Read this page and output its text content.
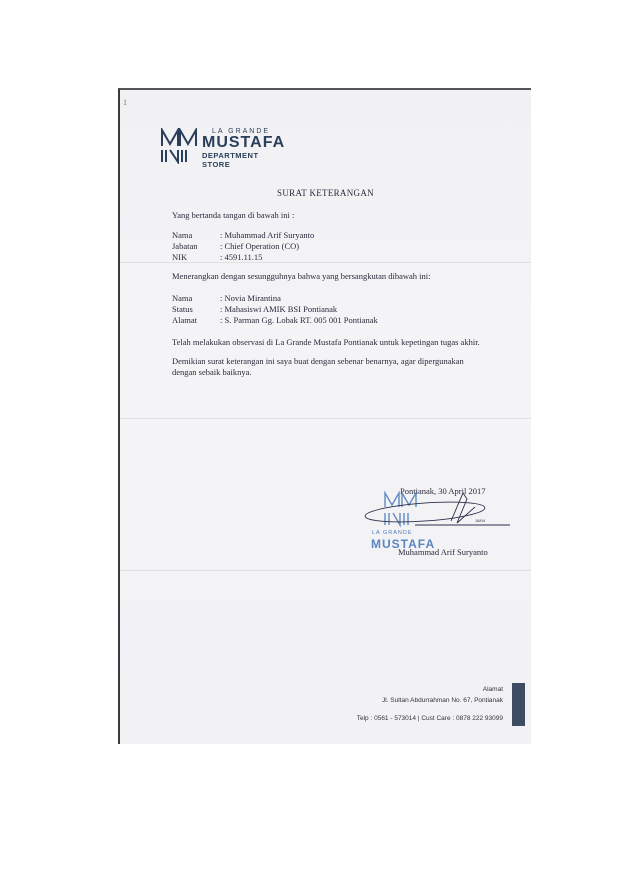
1
LA GRANDE
MUSTAFA
DEPARTMENT STORE
SURAT KETERANGAN
Yang bertanda tangan di bawah ini :
Nama	: Muhammad Arif Suryanto
Jabatan	: Chief Operation (CO)
NIK	: 4591.11.15
Menerangkan dengan sesungguhnya bahwa yang bersangkutan dibawah ini:
Nama	: Novia Mirantina
Status	: Mahasiswi AMIK BSI Pontianak
Alamat	: S. Parman Gg. Lobak RT. 005 001 Pontianak
Telah melakukan observasi di La Grande Mustafa Pontianak untuk kepetingan tugas akhir.
Demikian surat keterangan ini saya buat dengan sebenar benarnya, agar dipergunakan dengan sebaik baiknya.
Pontianak, 30 April 2017
18/04
LA GRANDE
MUSTAFA
Muhammad Arif Suryanto
Alamat
Jl. Sultan Abdurrahman No. 67, Pontianak
Telp : 0561 - 573014 | Cust Care : 0878 222 93099
